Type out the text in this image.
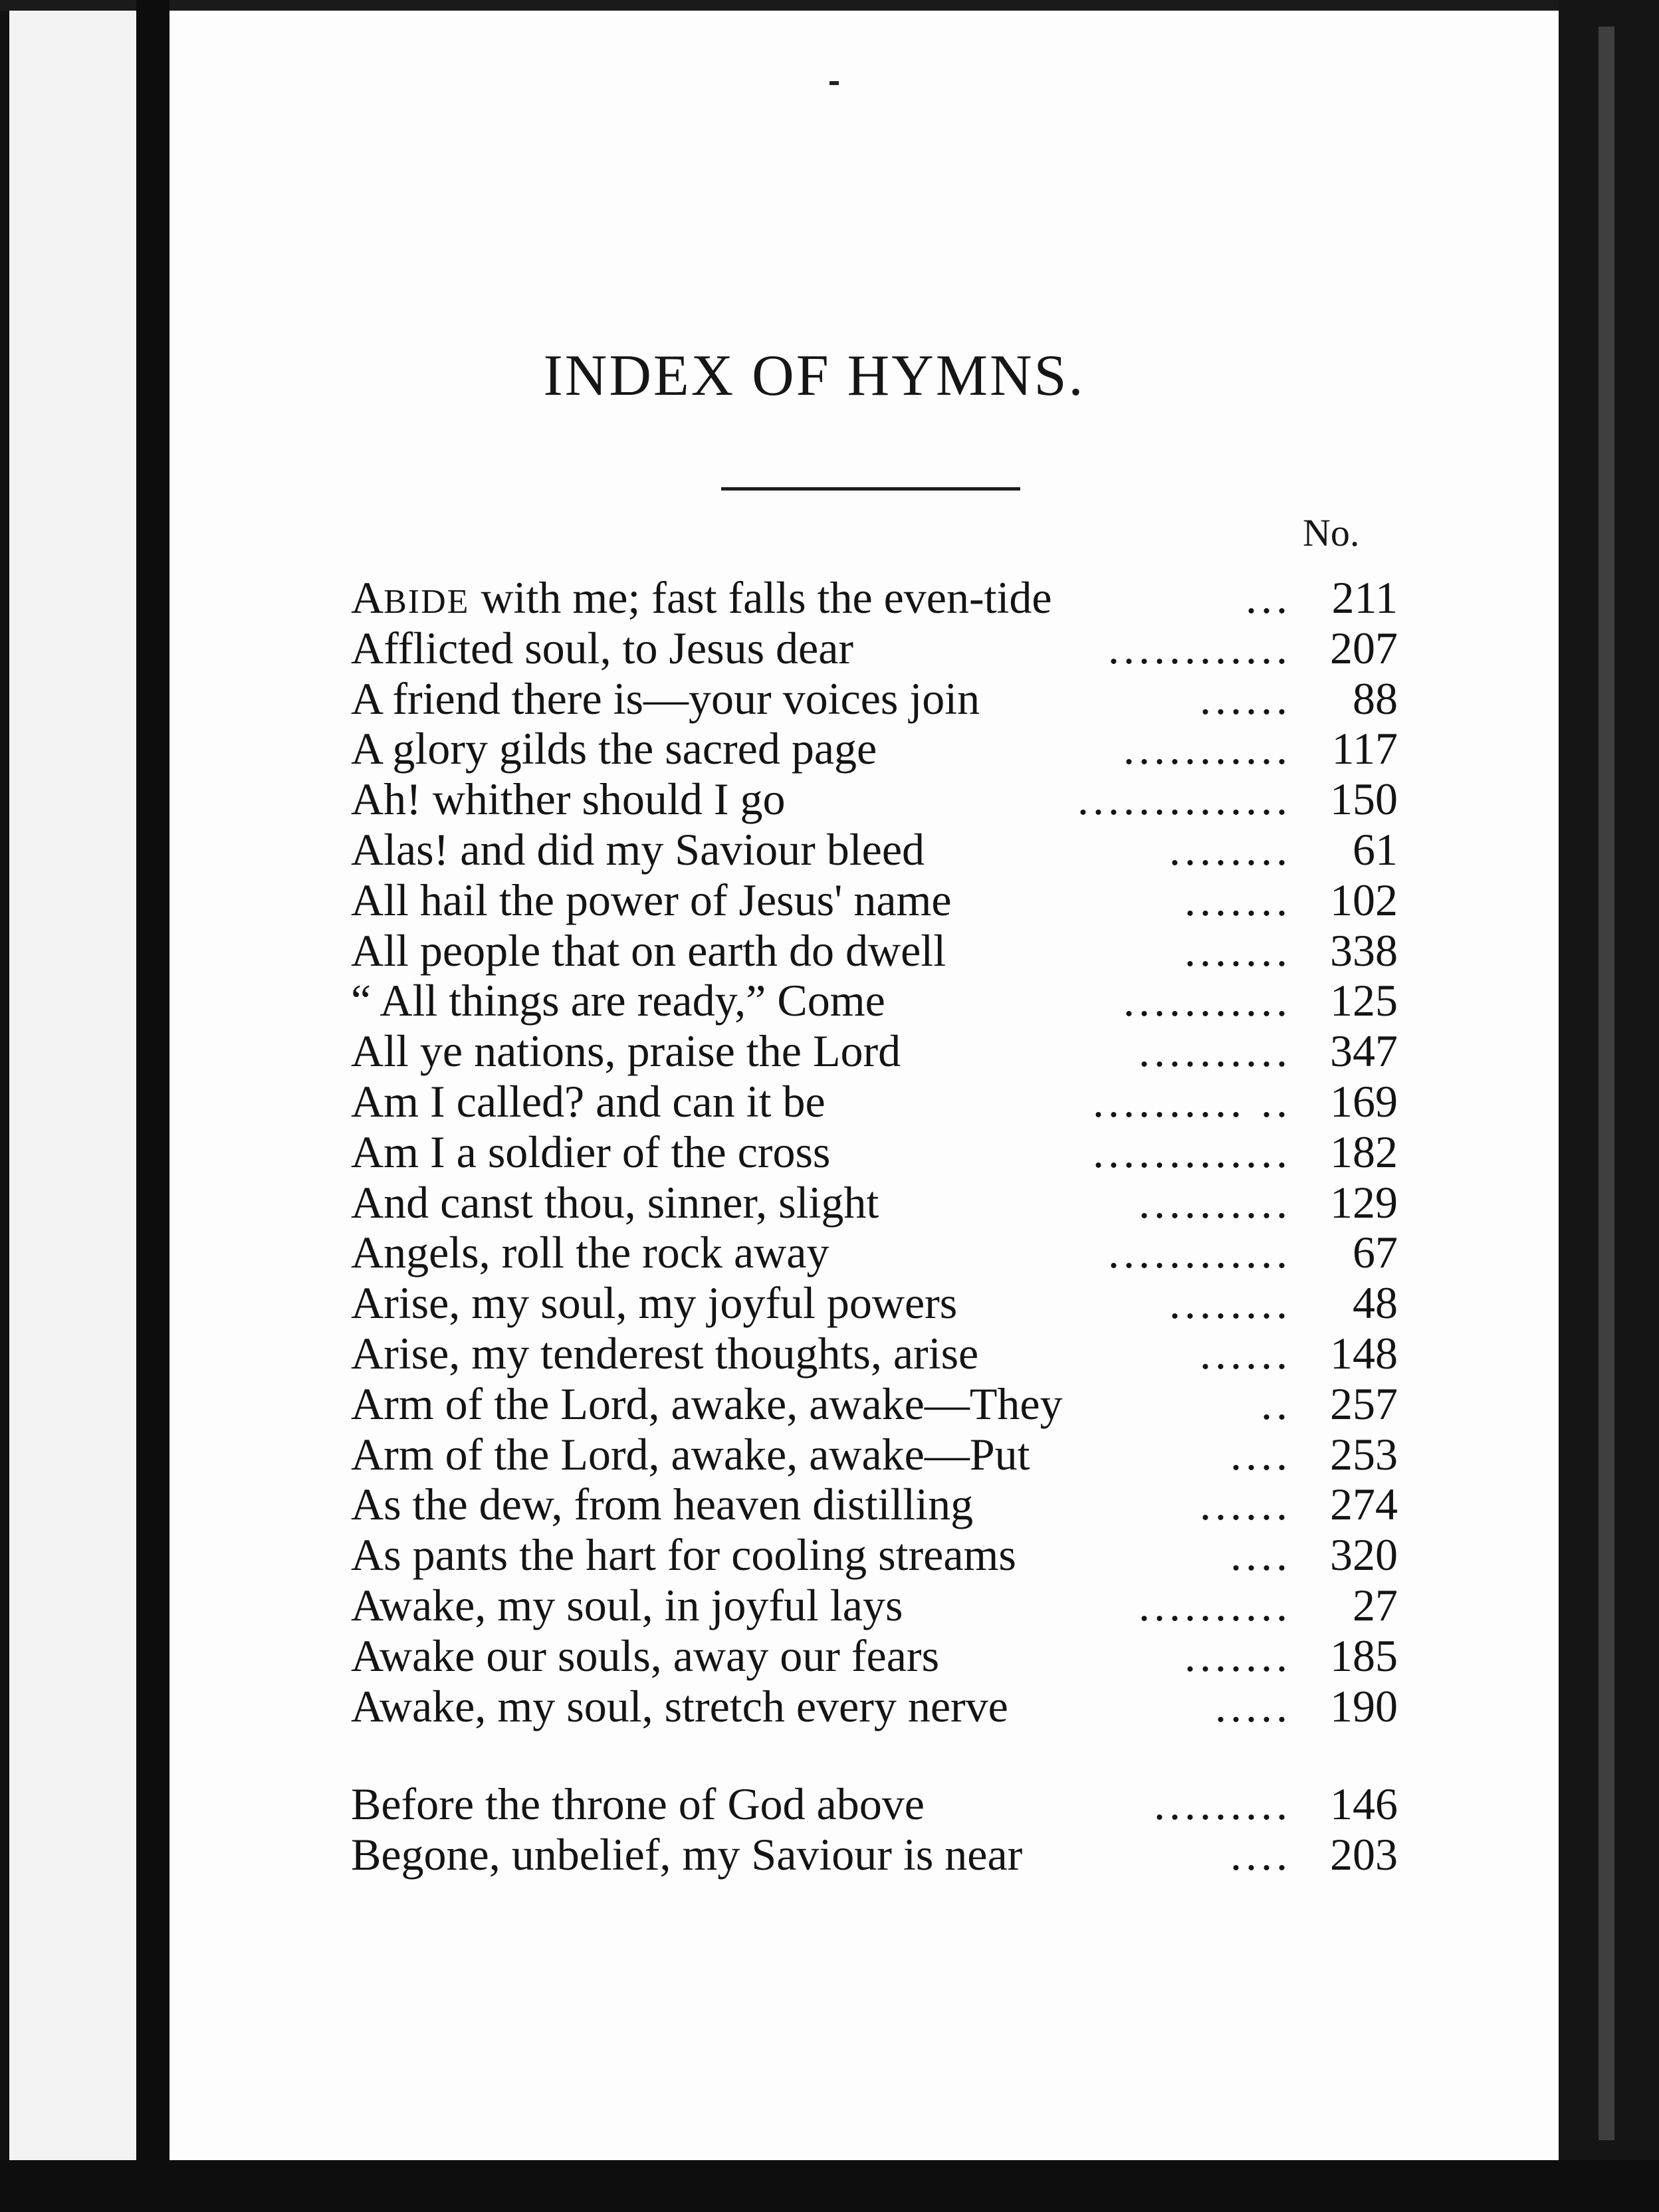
INDEX OF HYMNS.
No.
ABIDE with me; fast falls the even-tide	... 211
Afflicted soul, to Jesus dear	............ 207
A friend there is—your voices join	......	88
A glory gilds the sacred page	........... 117
Ah! whither should I go	.............. 150
Alas! and did my Saviour bleed	........	61
All hail the power of Jesus' name	....... 102
All people that on earth do dwell	....... 338
“ All things are ready,” Come	........... 125
All ye nations, praise the Lord	.......... 347
Am I called? and can it be	.......... .. 169
Am I a soldier of the cross	............. 182
And canst thou, sinner, slight	.......... 129
Angels, roll the rock away	............	67
Arise, my soul, my joyful powers	........	48
Arise, my tenderest thoughts, arise	...... 148
Arm of the Lord, awake, awake—They	.. 257
Arm of the Lord, awake, awake—Put	.... 253
As the dew, from heaven distilling	...... 274
As pants the hart for cooling streams	.... 320
Awake, my soul, in joyful lays	..........	27
Awake our souls, away our fears	....... 185
Awake, my soul, stretch every nerve	..... 190
Before the throne of God above	......... 146
Begone, unbelief, my Saviour is near	.... 203
